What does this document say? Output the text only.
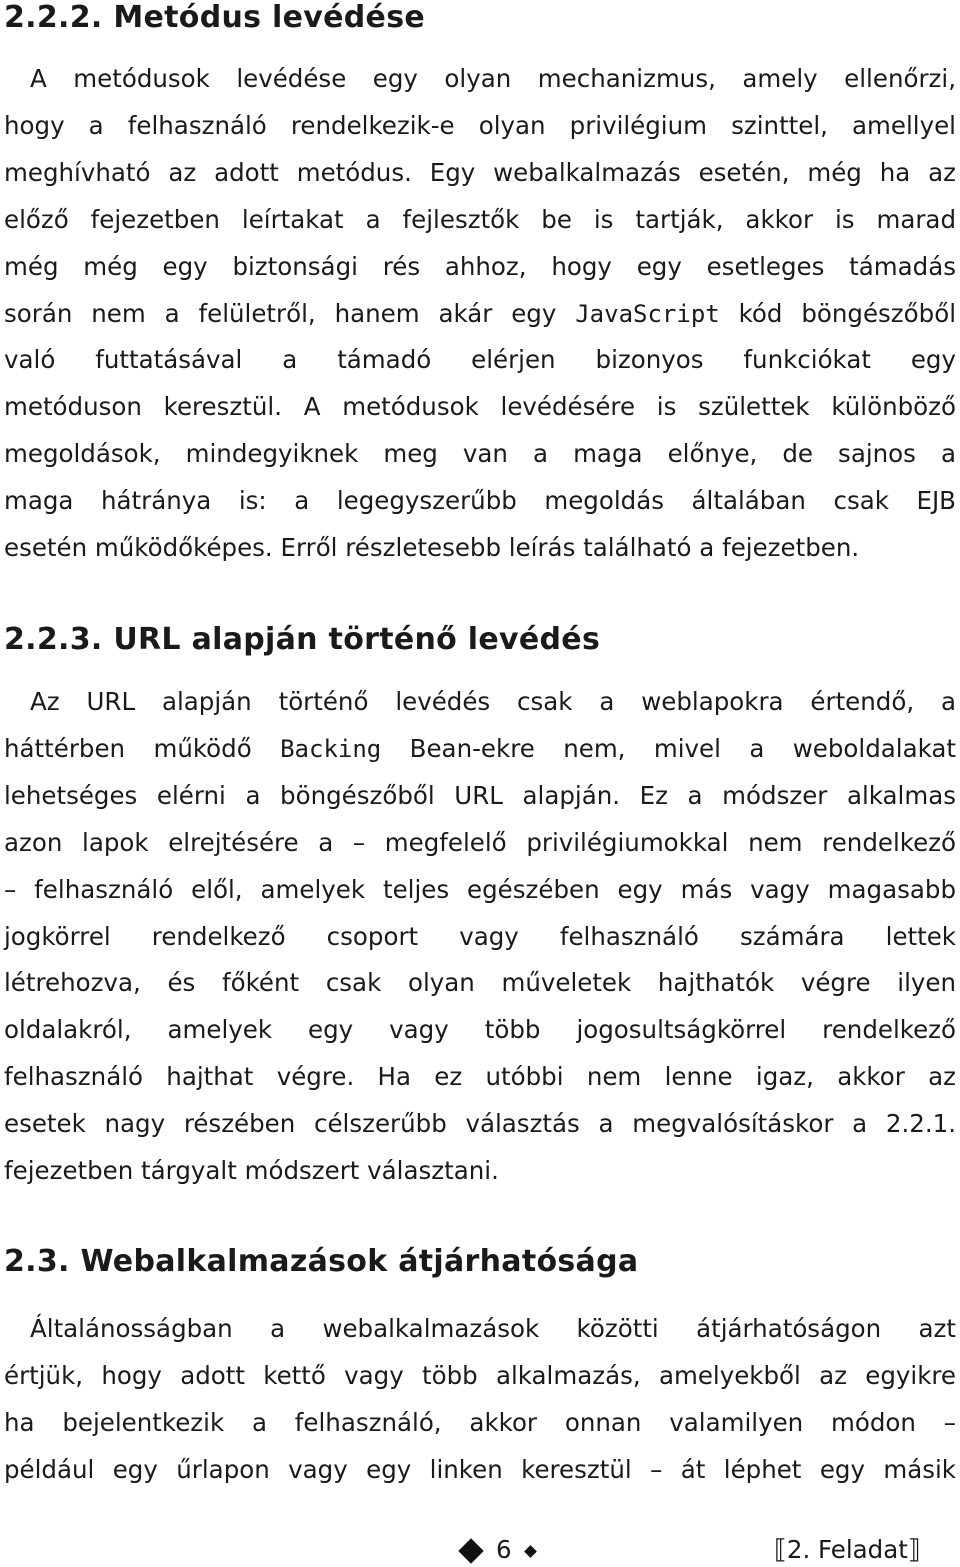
2.2.2. Metódus levédése
A metódusok levédése egy olyan mechanizmus, amely ellenőrzi,
hogy a felhasználó rendelkezik-e olyan privilégium szinttel, amellyel
meghívható az adott metódus. Egy webalkalmazás esetén, még ha az
előző fejezetben leírtakat a fejlesztők be is tartják, akkor is marad
még még egy biztonsági rés ahhoz, hogy egy esetleges támadás
során nem a felületről, hanem akár egy JavaScript kód böngészőből
való futtatásával a támadó elérjen bizonyos funkciókat egy
metóduson keresztül. A metódusok levédésére is születtek különböző
megoldások, mindegyiknek meg van a maga előnye, de sajnos a
maga hátránya is: a legegyszerűbb megoldás általában csak EJB
esetén működőképes. Erről részletesebb leírás található a fejezetben.
2.2.3. URL alapján történő levédés
Az URL alapján történő levédés csak a weblapokra értendő, a
háttérben működő Backing Bean-ekre nem, mivel a weboldalakat
lehetséges elérni a böngészőből URL alapján. Ez a módszer alkalmas
azon lapok elrejtésére a – megfelelő privilégiumokkal nem rendelkező
– felhasználó elől, amelyek teljes egészében egy más vagy magasabb
jogkörrel rendelkező csoport vagy felhasználó számára lettek
létrehozva, és főként csak olyan műveletek hajthatók végre ilyen
oldalakról, amelyek egy vagy több jogosultságkörrel rendelkező
felhasználó hajthat végre. Ha ez utóbbi nem lenne igaz, akkor az
esetek nagy részében célszerűbb választás a megvalósításkor a 2.2.1.
fejezetben tárgyalt módszert választani.
2.3. Webalkalmazások átjárhatósága
Általánosságban a webalkalmazások közötti átjárhatóságon azt
értjük, hogy adott kettő vagy több alkalmazás, amelyekből az egyikre
ha bejelentkezik a felhasználó, akkor onnan valamilyen módon –
például egy űrlapon vagy egy linken keresztül – át léphet egy másik
6	⟦2. Feladat⟧
